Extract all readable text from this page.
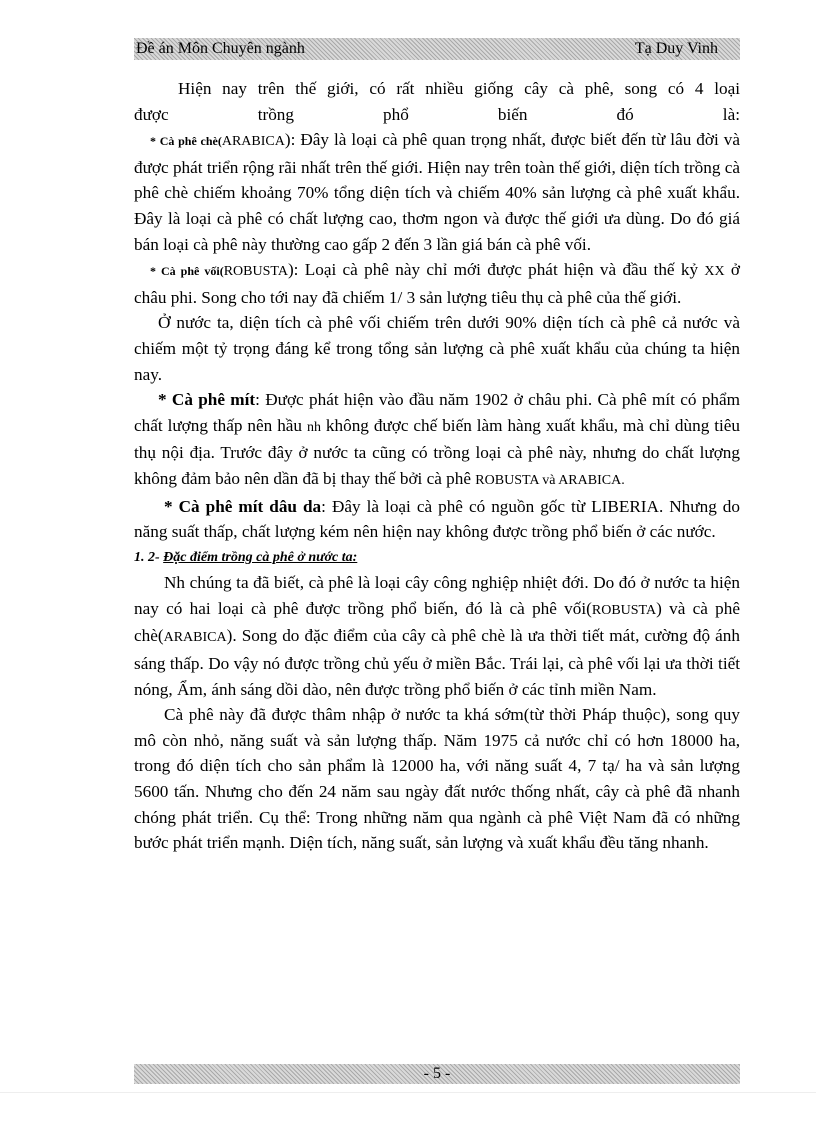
Đề án Môn Chuyên ngành	Tạ Duy Vinh

Hiện nay trên thế giới, có rất nhiều giống cây cà phê, song có 4 loại

được trồng phổ biến đó là:

* Cà phê chè(ARABICA): Đây là loại cà phê quan trọng nhất, được biết đến từ lâu đời và được phát triển rộng rãi nhất trên thế giới. Hiện nay trên toàn thế giới, diện tích trồng cà phê chè chiếm khoảng 70% tổng diện tích và chiếm 40% sản lượng cà phê xuất khẩu. Đây là loại cà phê có chất lượng cao, thơm ngon và được thế giới ưa dùng. Do đó giá bán loại cà phê này thường cao gấp 2 đến 3 lần giá bán cà phê vối.

* Cà phê vối(ROBUSTA): Loại cà phê này chỉ mới được phát hiện và đầu thế kỷ XX ở châu phi. Song cho tới nay đã chiếm 1/ 3 sản lượng tiêu thụ cà phê của thế giới.

Ở nước ta, diện tích cà phê vối chiếm trên dưới 90% diện tích cà phê cả nước và chiếm một tỷ trọng đáng kể trong tổng sản lượng cà phê xuất khẩu của chúng ta hiện nay.

* Cà phê mít: Được phát hiện vào đầu năm 1902 ở châu phi. Cà phê mít có phẩm chất lượng thấp nên hầu nh không được chế biến làm hàng xuất khẩu, mà chỉ dùng tiêu thụ nội địa. Trước đây ở nước ta cũng có trồng loại cà phê này, nhưng do chất lượng không đảm bảo nên dần đã bị thay thế bởi cà phê ROBUSTA và ARABICA.

* Cà phê mít dâu da: Đây là loại cà phê có nguồn gốc từ LIBERIA. Nhưng do năng suất thấp, chất lượng kém nên hiện nay không được trồng phổ biến ở các nước.

1. 2- Đặc điểm trồng cà phê ở nước ta:

Nh chúng ta đã biết, cà phê là loại cây công nghiệp nhiệt đới. Do đó ở nước ta hiện nay có hai loại cà phê được trồng phổ biến, đó là cà phê vối(ROBUSTA) và cà phê chè(ARABICA). Song do đặc điểm của cây cà phê chè là ưa thời tiết mát, cường độ ánh sáng thấp. Do vậy nó được trồng chủ yếu ở miền Bắc. Trái lại, cà phê vối lại ưa thời tiết nóng, Ẩm, ánh sáng dồi dào, nên được trồng phổ biến ở các tỉnh miền Nam.

Cà phê này đã được thâm nhập ở nước ta khá sớm(từ thời Pháp thuộc), song quy mô còn nhỏ, năng suất và sản lượng thấp. Năm 1975 cả nước chỉ có hơn 18000 ha, trong đó diện tích cho sản phẩm là 12000 ha, với năng suất 4, 7 tạ/ ha và sản lượng 5600 tấn. Nhưng cho đến 24 năm sau ngày đất nước thống nhất, cây cà phê đã nhanh chóng phát triển. Cụ thể: Trong những năm qua ngành cà phê Việt Nam đã có những bước phát triển mạnh. Diện tích, năng suất, sản lượng và xuất khẩu đều tăng nhanh.

- 5 -
